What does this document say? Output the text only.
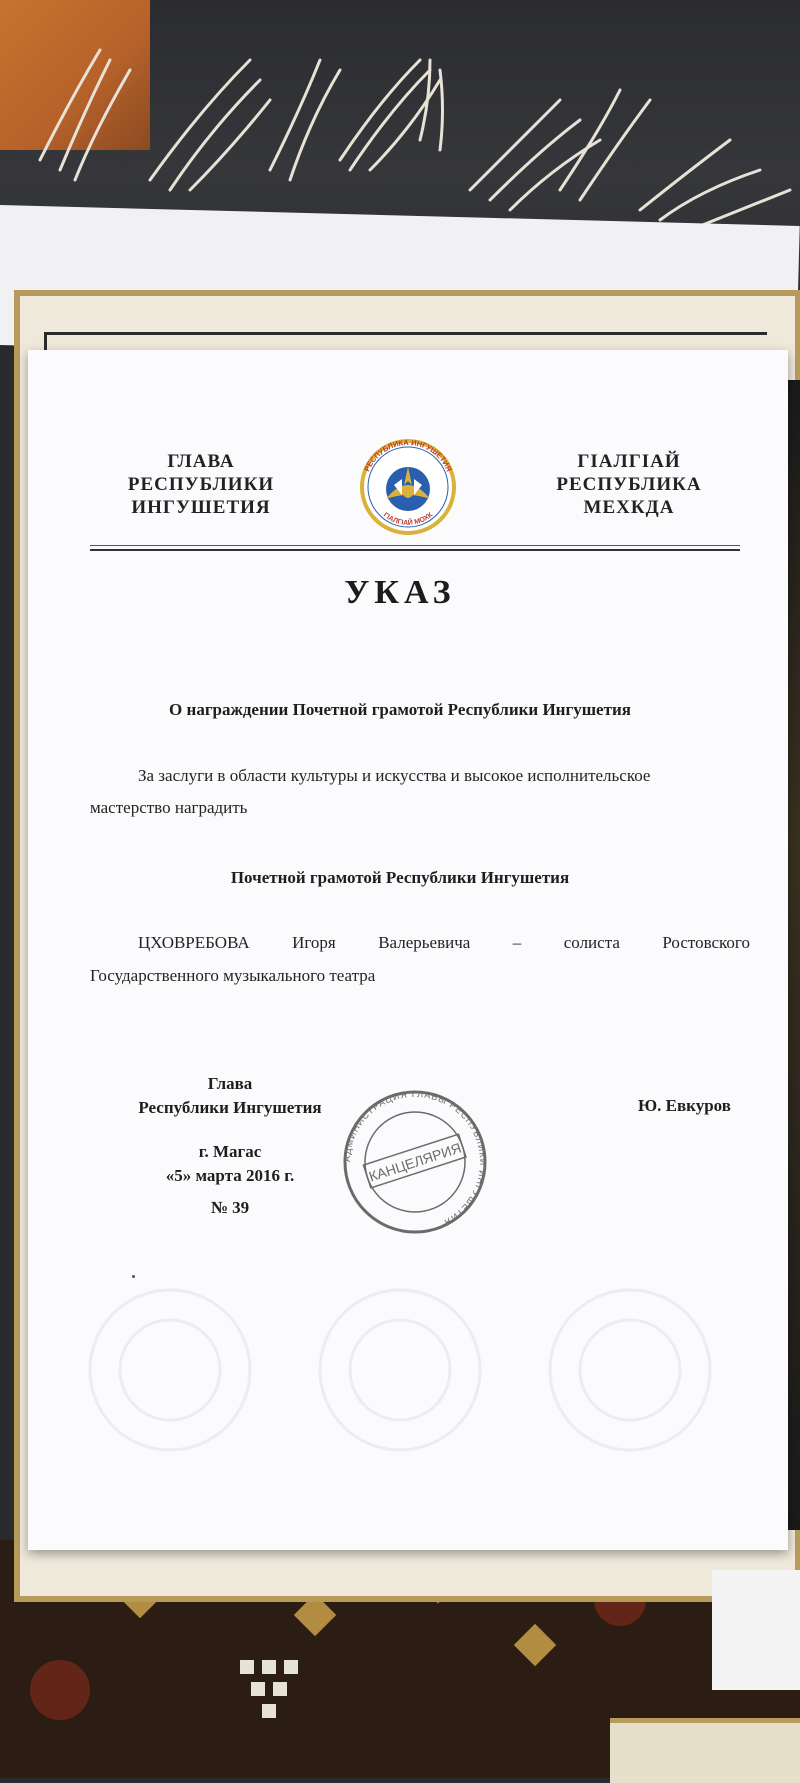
ГЛАВА
РЕСПУБЛИКИ
ИНГУШЕТИЯ
РЕСПУБЛИКА ИНГУШЕТИЯ
ГIАЛГIАЙ МОХК
ГIАЛГIАЙ
РЕСПУБЛИКА
МЕХКДА
УКАЗ
О награждении Почетной грамотой Республики Ингушетия
За заслуги в области культуры и искусства и высокое исполнительское
мастерство наградить
Почетной грамотой Республики Ингушетия
ЦХОВРЕБОВА Игоря Валерьевича – солиста Ростовского
Государственного музыкального театра
Глава
Республики Ингушетия	Ю. Евкуров
г. Магас
«5» марта 2016 г.
№ 39
АДМИНИСТРАЦИЯ ГЛАВЫ РЕСПУБЛИКИ ИНГУШЕТИЯ
КАНЦЕЛЯРИЯ
